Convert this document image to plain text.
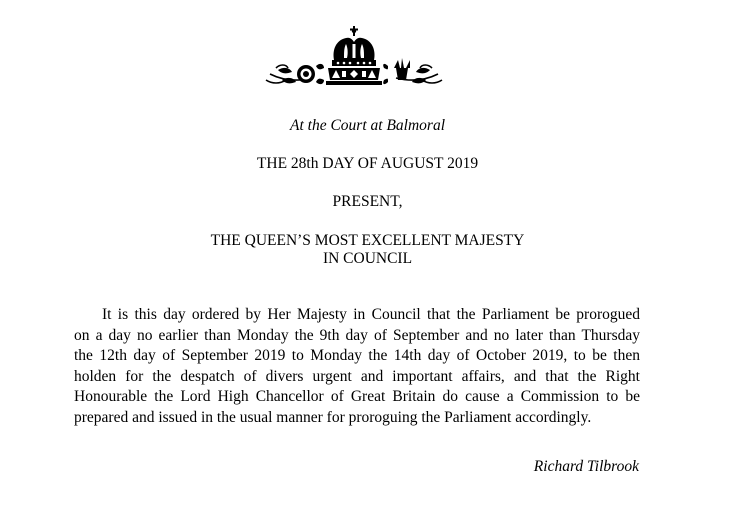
At the Court at Balmoral
THE 28th DAY OF AUGUST 2019
PRESENT,
THE QUEEN’S MOST EXCELLENT MAJESTY
IN COUNCIL
It is this day ordered by Her Majesty in Council that the Parliament be prorogued
on a day no earlier than Monday the 9th day of September and no later than Thursday
the 12th day of September 2019 to Monday the 14th day of October 2019, to be then
holden for the despatch of divers urgent and important affairs, and that the Right
Honourable the Lord High Chancellor of Great Britain do cause a Commission to be
prepared and issued in the usual manner for proroguing the Parliament accordingly.
Richard Tilbrook
